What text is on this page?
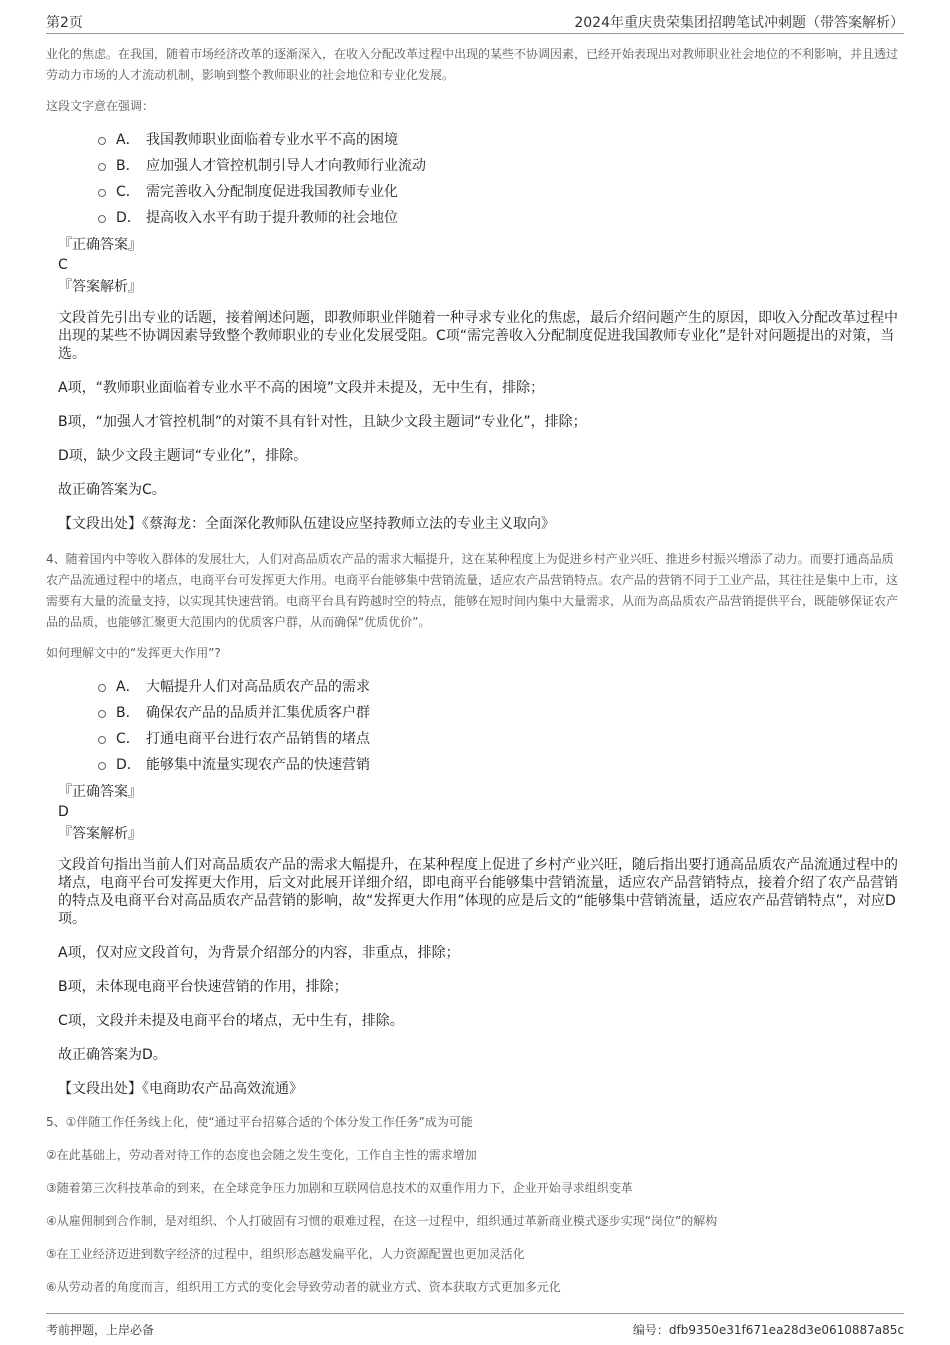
第2页	2024年重庆贵荣集团招聘笔试冲刺题（带答案解析）

业化的焦虑。在我国，随着市场经济改革的逐渐深入，在收入分配改革过程中出现的某些不协调因素，已经开始表现出对教师职业社会地位的不利影响，并且透过劳动力市场的人才流动机制，影响到整个教师职业的社会地位和专业化发展。

这段文字意在强调：

A． 我国教师职业面临着专业水平不高的困境
B． 应加强人才管控机制引导人才向教师行业流动
C． 需完善收入分配制度促进我国教师专业化
D． 提高收入水平有助于提升教师的社会地位

『正确答案』

C

『答案解析』

文段首先引出专业的话题，接着阐述问题，即教师职业伴随着一种寻求专业化的焦虑，最后介绍问题产生的原因，即收入分配改革过程中出现的某些不协调因素导致整个教师职业的专业化发展受阻。C项“需完善收入分配制度促进我国教师专业化”是针对问题提出的对策，当选。

A项，“教师职业面临着专业水平不高的困境”文段并未提及，无中生有，排除；

B项，“加强人才管控机制”的对策不具有针对性，且缺少文段主题词“专业化”，排除；

D项，缺少文段主题词“专业化”，排除。

故正确答案为C。

【文段出处】《蔡海龙：全面深化教师队伍建设应坚持教师立法的专业主义取向》

4、随着国内中等收入群体的发展壮大，人们对高品质农产品的需求大幅提升，这在某种程度上为促进乡村产业兴旺、推进乡村振兴增添了动力。而要打通高品质农产品流通过程中的堵点，电商平台可发挥更大作用。电商平台能够集中营销流量，适应农产品营销特点。农产品的营销不同于工业产品，其往往是集中上市，这需要有大量的流量支持，以实现其快速营销。电商平台具有跨越时空的特点，能够在短时间内集中大量需求，从而为高品质农产品营销提供平台，既能够保证农产品的品质，也能够汇聚更大范围内的优质客户群，从而确保“优质优价”。

如何理解文中的“发挥更大作用”?

A． 大幅提升人们对高品质农产品的需求
B． 确保农产品的品质并汇集优质客户群
C． 打通电商平台进行农产品销售的堵点
D． 能够集中流量实现农产品的快速营销

『正确答案』

D

『答案解析』

文段首句指出当前人们对高品质农产品的需求大幅提升，在某种程度上促进了乡村产业兴旺，随后指出要打通高品质农产品流通过程中的堵点，电商平台可发挥更大作用，后文对此展开详细介绍，即电商平台能够集中营销流量，适应农产品营销特点，接着介绍了农产品营销的特点及电商平台对高品质农产品营销的影响，故“发挥更大作用”体现的应是后文的“能够集中营销流量，适应农产品营销特点”，对应D项。

A项，仅对应文段首句，为背景介绍部分的内容，非重点，排除；

B项，未体现电商平台快速营销的作用，排除；

C项，文段并未提及电商平台的堵点，无中生有，排除。

故正确答案为D。

【文段出处】《电商助农产品高效流通》

5、①伴随工作任务线上化，使“通过平台招募合适的个体分发工作任务”成为可能

②在此基础上，劳动者对待工作的态度也会随之发生变化，工作自主性的需求增加

③随着第三次科技革命的到来，在全球竞争压力加剧和互联网信息技术的双重作用力下，企业开始寻求组织变革

④从雇佣制到合作制，是对组织、个人打破固有习惯的艰难过程，在这一过程中，组织通过革新商业模式逐步实现“岗位”的解构

⑤在工业经济迈进到数字经济的过程中，组织形态越发扁平化，人力资源配置也更加灵活化

⑥从劳动者的角度而言，组织用工方式的变化会导致劳动者的就业方式、资本获取方式更加多元化

考前押题，上岸必备	编号：dfb9350e31f671ea28d3e0610887a85c
